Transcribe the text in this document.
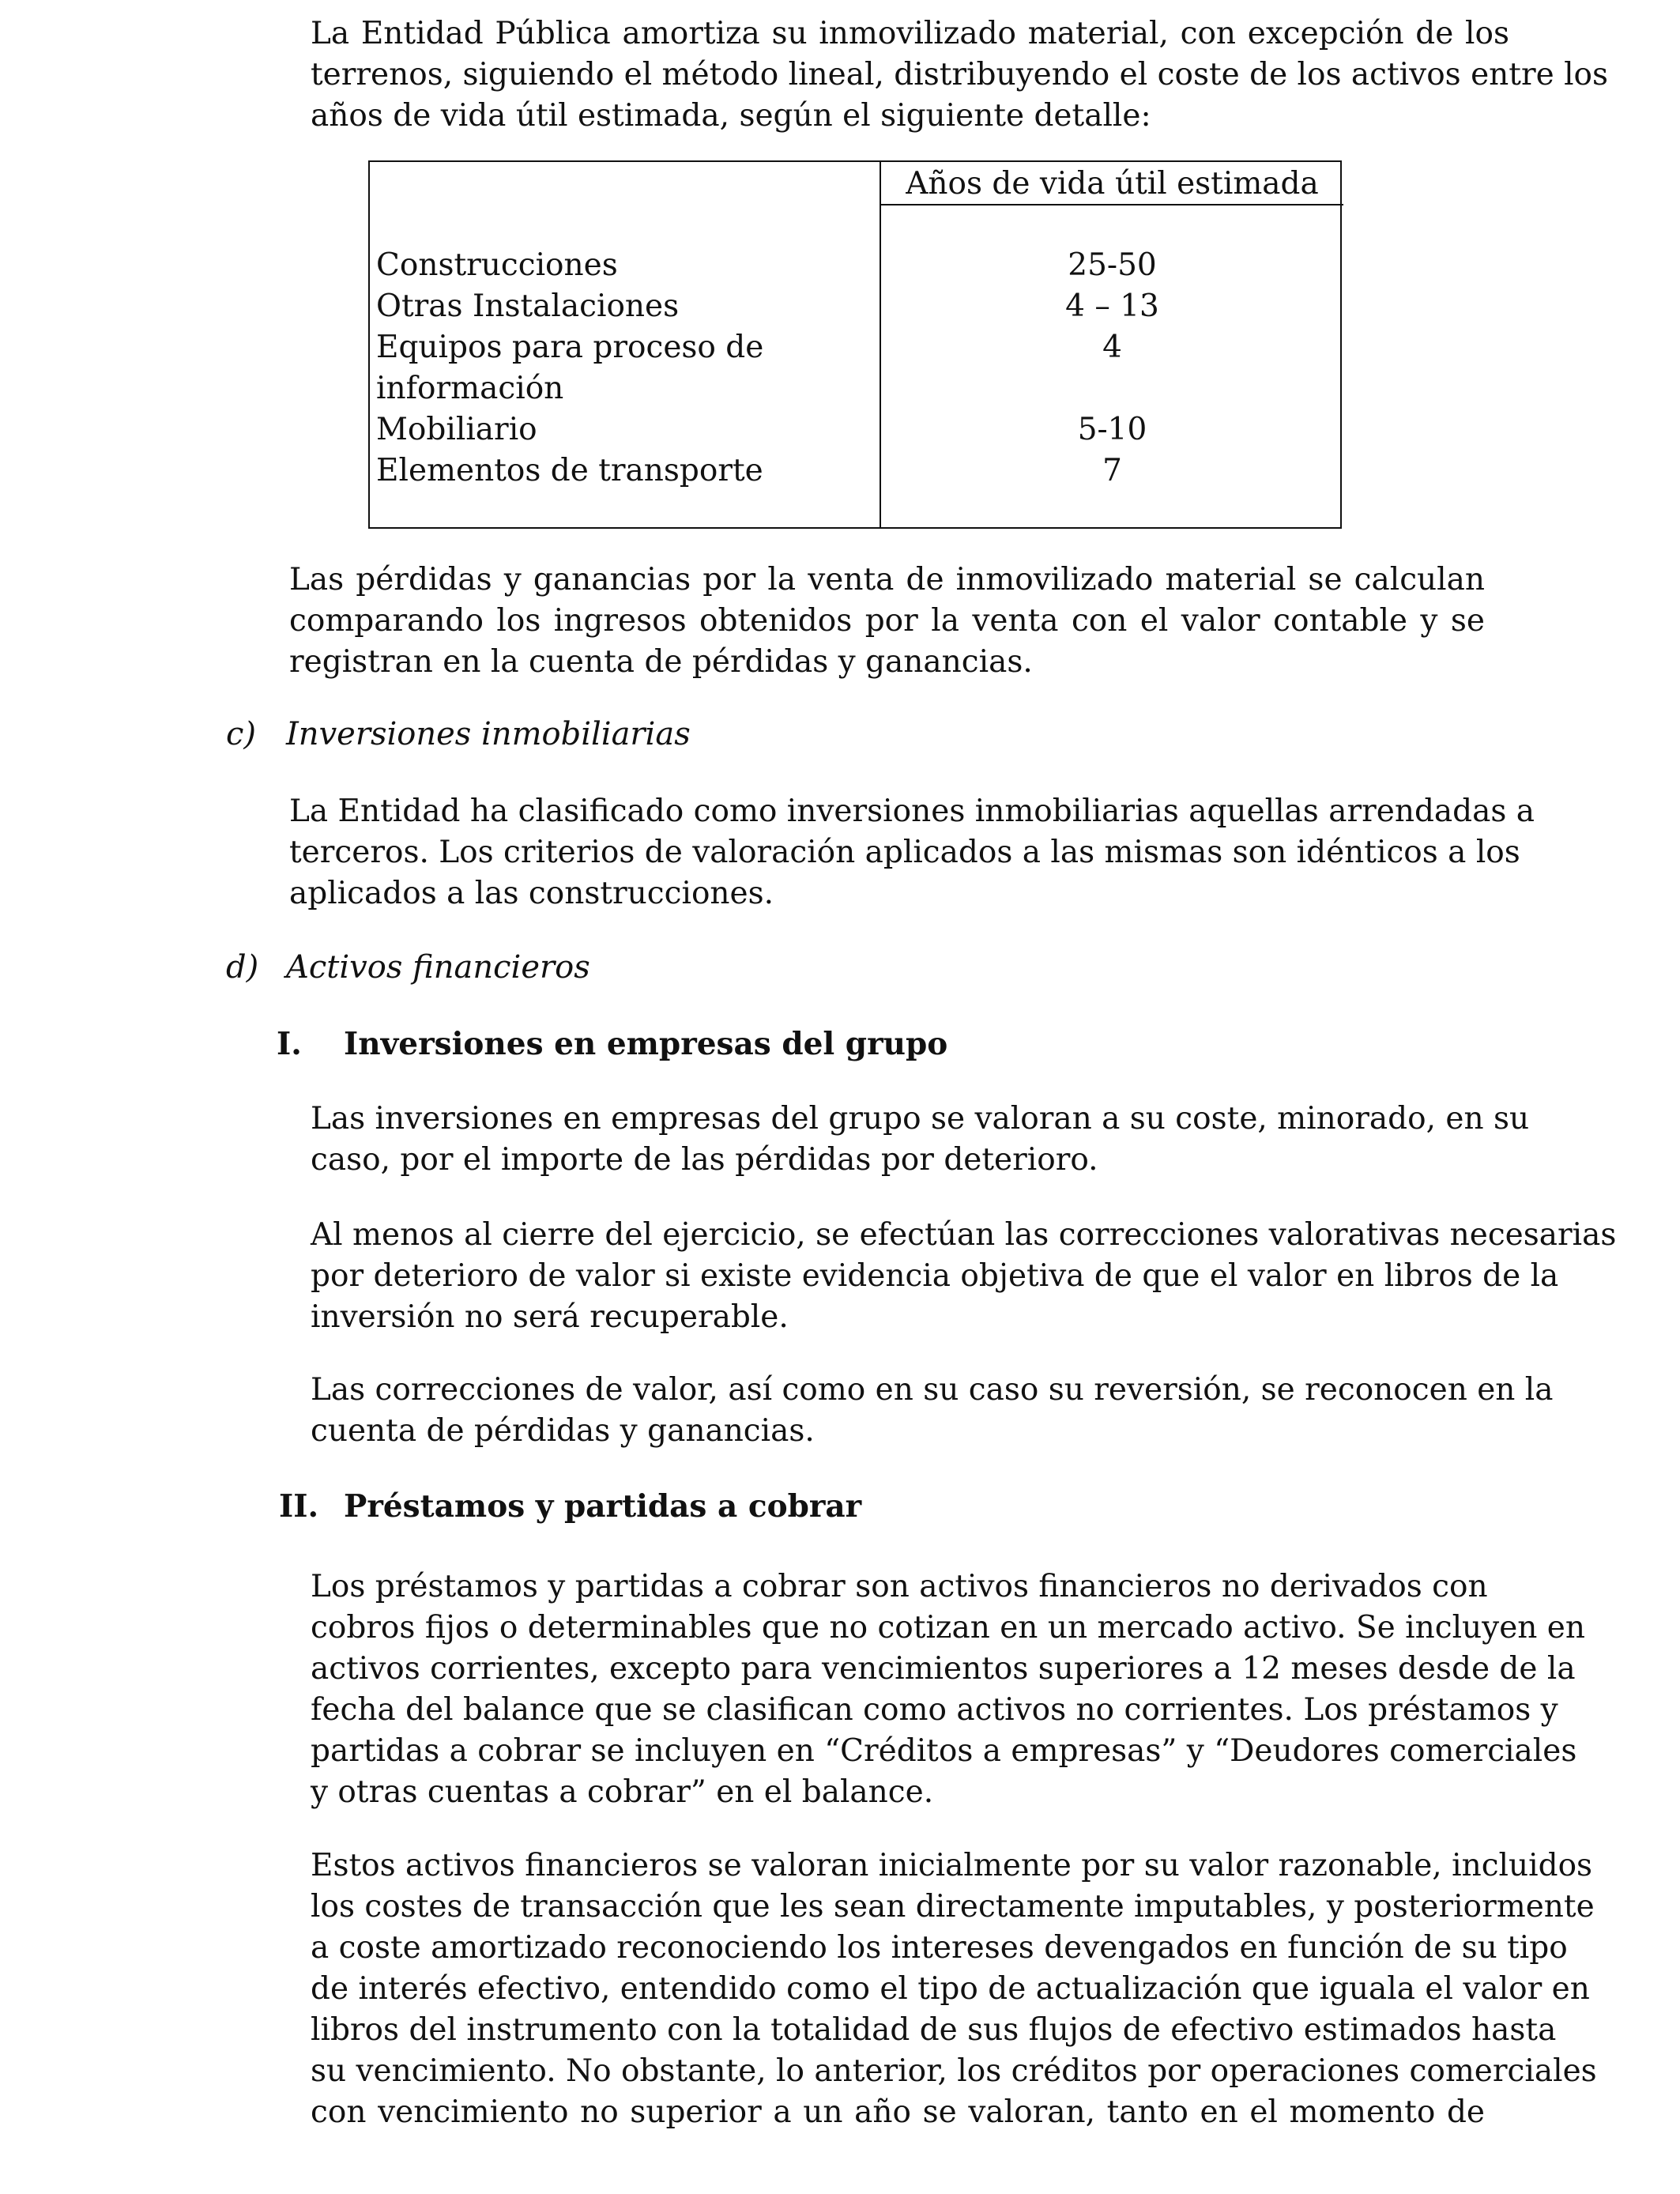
La Entidad Pública amortiza su inmovilizado material, con excepción de los
terrenos, siguiendo el método lineal, distribuyendo el coste de los activos entre los
años de vida útil estimada, según el siguiente detalle:
Años de vida útil estimada
Construcciones	25-50
Otras Instalaciones	4 – 13
Equipos para proceso de	4
información
Mobiliario	5-10
Elementos de transporte	7
Las pérdidas y ganancias por la venta de inmovilizado material se calculan
comparando los ingresos obtenidos por la venta con el valor contable y se
registran en la cuenta de pérdidas y ganancias.
c) Inversiones inmobiliarias
La Entidad ha clasificado como inversiones inmobiliarias aquellas arrendadas a
terceros. Los criterios de valoración aplicados a las mismas son idénticos a los
aplicados a las construcciones.
d) Activos financieros
I. Inversiones en empresas del grupo
Las inversiones en empresas del grupo se valoran a su coste, minorado, en su
caso, por el importe de las pérdidas por deterioro.
Al menos al cierre del ejercicio, se efectúan las correcciones valorativas necesarias
por deterioro de valor si existe evidencia objetiva de que el valor en libros de la
inversión no será recuperable.
Las correcciones de valor, así como en su caso su reversión, se reconocen en la
cuenta de pérdidas y ganancias.
II. Préstamos y partidas a cobrar
Los préstamos y partidas a cobrar son activos financieros no derivados con
cobros fijos o determinables que no cotizan en un mercado activo. Se incluyen en
activos corrientes, excepto para vencimientos superiores a 12 meses desde de la
fecha del balance que se clasifican como activos no corrientes. Los préstamos y
partidas a cobrar se incluyen en “Créditos a empresas” y “Deudores comerciales
y otras cuentas a cobrar” en el balance.
Estos activos financieros se valoran inicialmente por su valor razonable, incluidos
los costes de transacción que les sean directamente imputables, y posteriormente
a coste amortizado reconociendo los intereses devengados en función de su tipo
de interés efectivo, entendido como el tipo de actualización que iguala el valor en
libros del instrumento con la totalidad de sus flujos de efectivo estimados hasta
su vencimiento. No obstante, lo anterior, los créditos por operaciones comerciales
con vencimiento no superior a un año se valoran, tanto en el momento de
